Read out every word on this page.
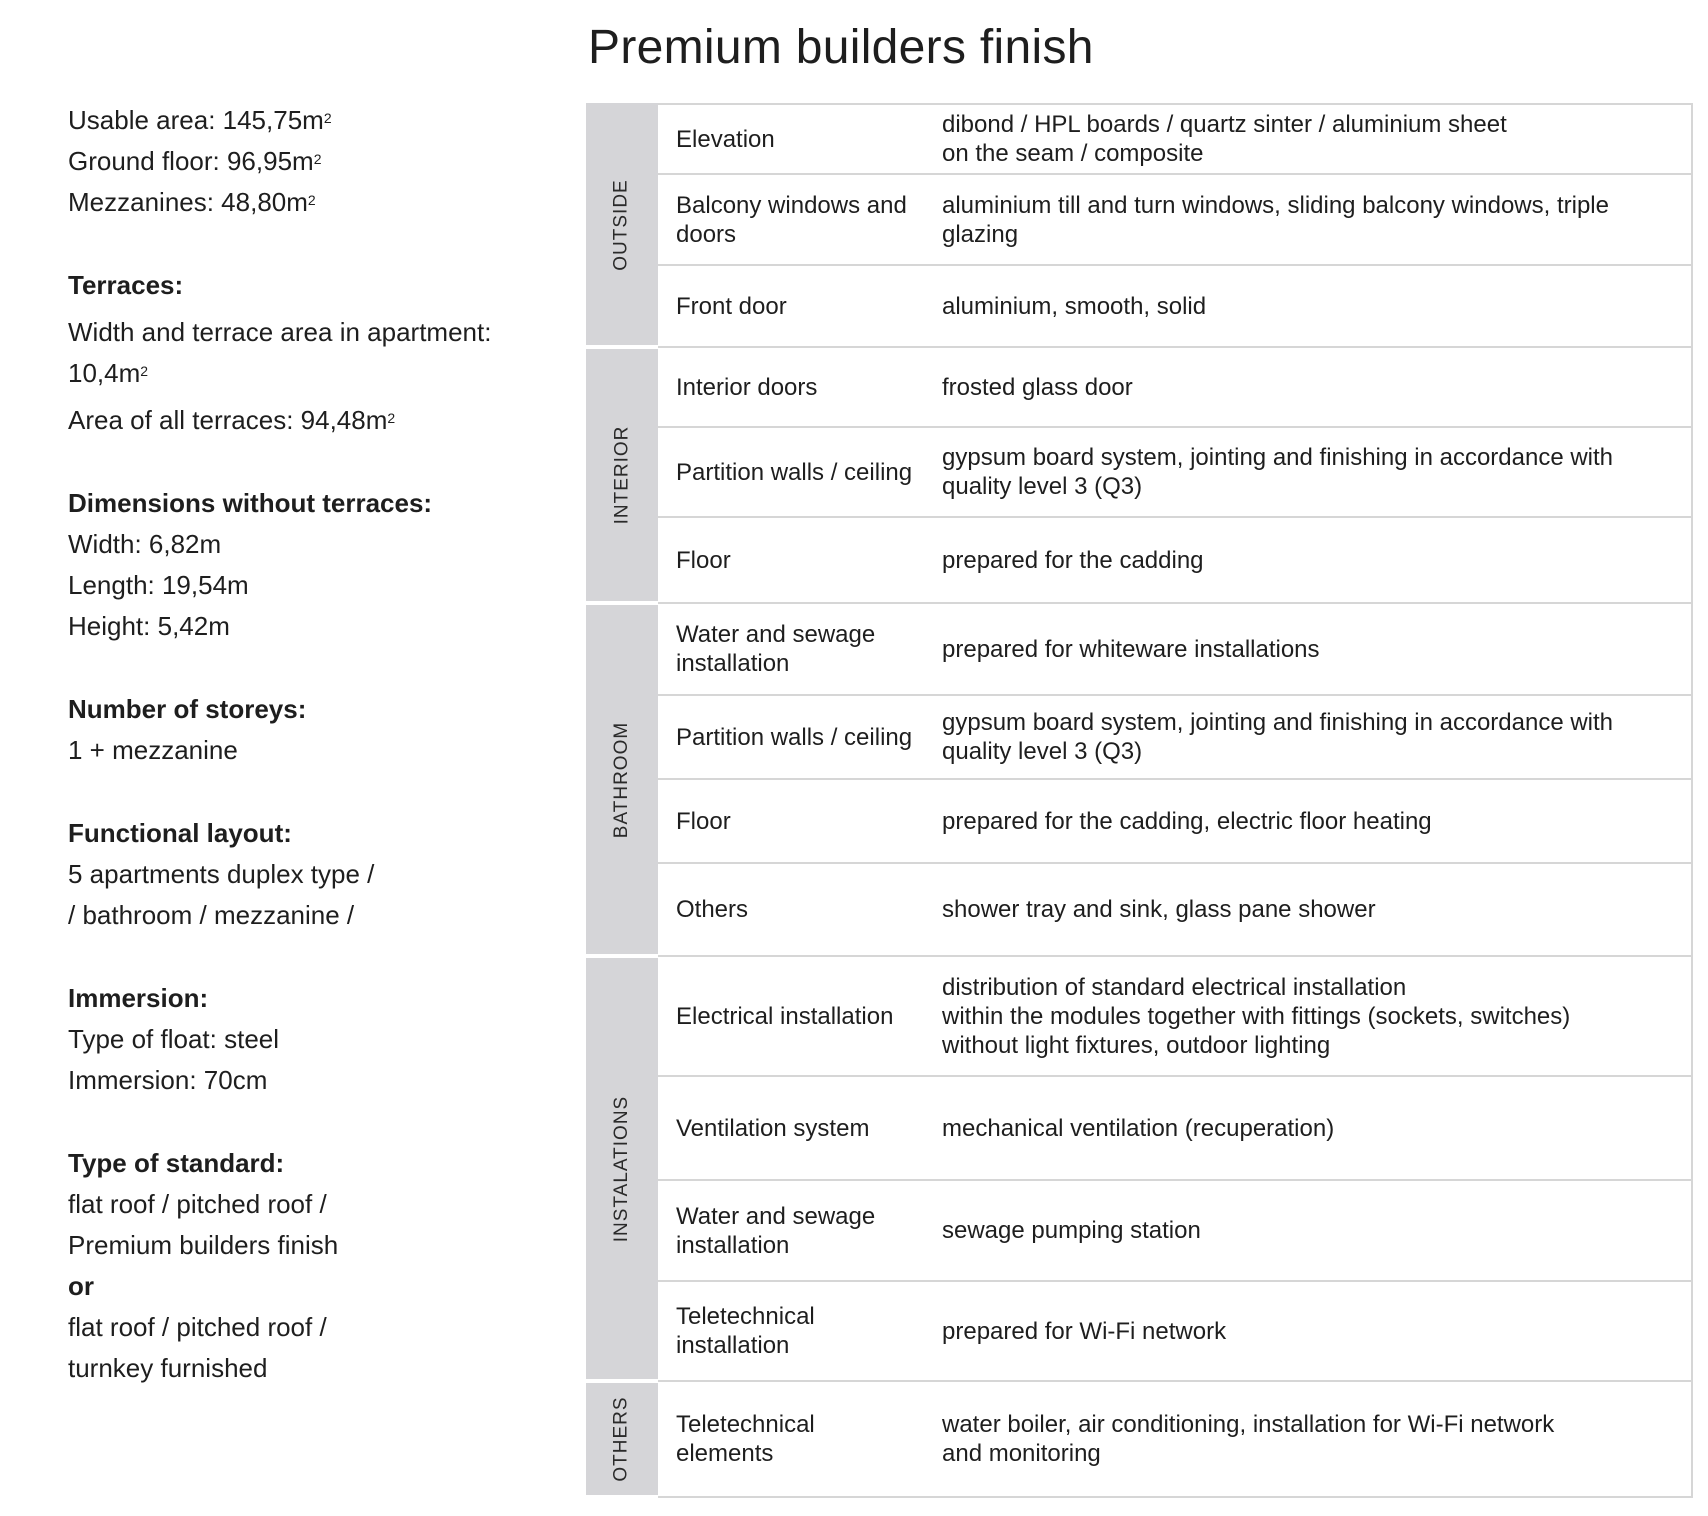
Premium builders finish
Usable area: $145,75m^2$
Ground floor: $96,95m^2$
Mezzanines: $48,80m^2$
Terraces:
Width and terrace area in apartment:
$10,4m^2$
Area of all terraces: $94,48m^2$
Dimensions without terraces:
Width: 6,82m
Length: 19,54m
Height: 5,42m
Number of storeys:
1 + mezzanine
Functional layout:
5 apartments duplex type /
/ bathroom / mezzanine /
Immersion:
Type of float: steel
Immersion: 70cm
Type of standard:
flat roof / pitched roof /
Premium builders finish
or
flat roof / pitched roof /
turnkey furnished
OUTSIDE	Elevation	dibond / HPL boards / quartz sinter / aluminium sheet
on the seam / composite

	Balcony windows and doors	aluminium till and turn windows, sliding balcony windows, triple glazing
	Front door	aluminium, smooth, solid

INTERIOR	Interior doors	frosted glass door
	Partition walls / ceiling	gypsum board system, jointing and finishing in accordance with quality level 3 (Q3)
	Floor	prepared for the cadding

BATHROOM	Water and sewage installation	prepared for whiteware installations
	Partition walls / ceiling	gypsum board system, jointing and finishing in accordance with quality level 3 (Q3)
	Floor	prepared for the cadding, electric floor heating
	Others	shower tray and sink, glass pane shower

INSTALATIONS	Electrical installation	distribution of standard electrical installation
within the modules together with fittings (sockets, switches)
without light fixtures, outdoor lighting

	Ventilation system	mechanical ventilation (recuperation)
	Water and sewage installation	sewage pumping station
	Teletechnical installation	prepared for Wi-Fi network

OTHERS	Teletechnical elements	water boiler, air conditioning, installation for Wi-Fi network
and monitoring
